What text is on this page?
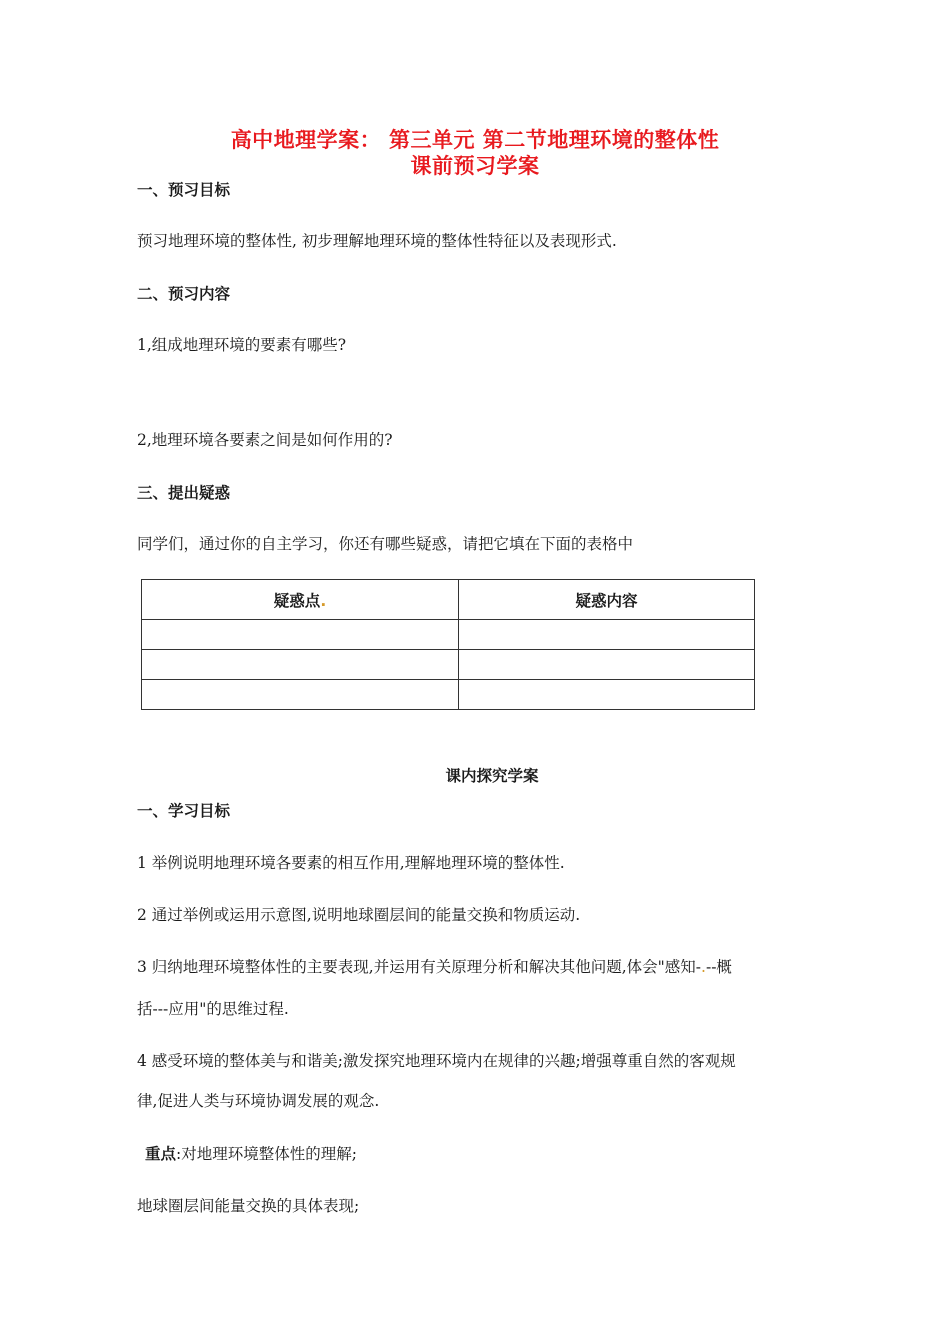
高中地理学案： 第三单元 第二节地理环境的整体性
课前预习学案
一、预习目标
预习地理环境的整体性, 初步理解地理环境的整体性特征以及表现形式.
二、预习内容
1,组成地理环境的要素有哪些?
2,地理环境各要素之间是如何作用的?
三、提出疑惑
同学们，通过你的自主学习，你还有哪些疑惑，请把它填在下面的表格中
疑惑点.	疑惑内容

课内探究学案
一、学习目标
1 举例说明地理环境各要素的相互作用,理解地理环境的整体性.
2 通过举例或运用示意图,说明地球圈层间的能量交换和物质运动.
3 归纳地理环境整体性的主要表现,并运用有关原理分析和解决其他问题,体会"感知-.--概
括---应用"的思维过程.
4 感受环境的整体美与和谐美;激发探究地理环境内在规律的兴趣;增强尊重自然的客观规
律,促进人类与环境协调发展的观念.
重点:对地理环境整体性的理解;
地球圈层间能量交换的具体表现;
